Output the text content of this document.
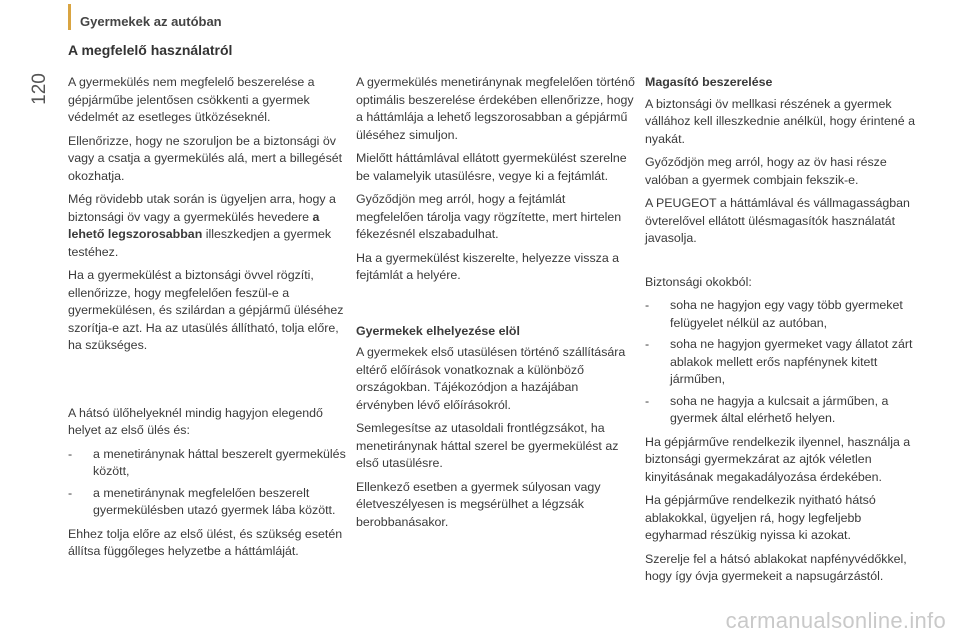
Gyermekek az autóban
120
A megfelelő használatról

A gyermekülés nem megfelelő beszerelése a gépjárműbe jelentősen csökkenti a gyermek védelmét az esetleges ütközéseknél.

Ellenőrizze, hogy ne szoruljon be a biztonsági öv vagy a csatja a gyermekülés alá, mert a billegését okozhatja.

Még rövidebb utak során is ügyeljen arra, hogy a biztonsági öv vagy a gyermekülés hevedere a lehető legszorosabban illeszkedjen a gyermek testéhez.

Ha a gyermekülést a biztonsági övvel rögzíti, ellenőrizze, hogy megfelelően feszül-e a gyermekülésen, és szilárdan a gépjármű üléséhez szorítja-e azt. Ha az utasülés állítható, tolja előre, ha szükséges.

A hátsó ülőhelyeknél mindig hagyjon elegendő helyet az első ülés és:

- a menetiránynak háttal beszerelt gyermekülés között,
- a menetiránynak megfelelően beszerelt gyermekülésben utazó gyermek lába között.

Ehhez tolja előre az első ülést, és szükség esetén állítsa függőleges helyzetbe a háttámláját.

A gyermekülés menetiránynak megfelelően történő optimális beszerelése érdekében ellenőrizze, hogy a háttámlája a lehető legszorosabban a gépjármű üléséhez simuljon.

Mielőtt háttámlával ellátott gyermekülést szerelne be valamelyik utasülésre, vegye ki a fejtámlát.

Győződjön meg arról, hogy a fejtámlát megfelelően tárolja vagy rögzítette, mert hirtelen fékezésnél elszabadulhat.

Ha a gyermekülést kiszerelte, helyezze vissza a fejtámlát a helyére.

Gyermekek elhelyezése elöl

A gyermekek első utasülésen történő szállítására eltérő előírások vonatkoznak a különböző országokban. Tájékozódjon a hazájában érvényben lévő előírásokról.

Semlegesítse az utasoldali frontlégzsákot, ha menetiránynak háttal szerel be gyermekülést az első utasülésre.

Ellenkező esetben a gyermek súlyosan vagy életveszélyesen is megsérülhet a légzsák berobbanásakor.

Magasító beszerelése

A biztonsági öv mellkasi részének a gyermek vállához kell illeszkednie anélkül, hogy érintené a nyakát.

Győződjön meg arról, hogy az öv hasi része valóban a gyermek combjain fekszik-e.

A PEUGEOT a háttámlával és vállmagasságban övterelővel ellátott ülésmagasítók használatát javasolja.

Biztonsági okokból:

- soha ne hagyjon egy vagy több gyermeket felügyelet nélkül az autóban,
- soha ne hagyjon gyermeket vagy állatot zárt ablakok mellett erős napfénynek kitett járműben,
- soha ne hagyja a kulcsait a járműben, a gyermek által elérhető helyen.

Ha gépjárműve rendelkezik ilyennel, használja a biztonsági gyermekzárat az ajtók véletlen kinyitásának megakadályozása érdekében.

Ha gépjárműve rendelkezik nyitható hátsó ablakokkal, ügyeljen rá, hogy legfeljebb egyharmad részükig nyissa ki azokat.

Szerelje fel a hátsó ablakokat napfényvédőkkel, hogy így óvja gyermekeit a napsugárzástól.

carmanualsonline.info
